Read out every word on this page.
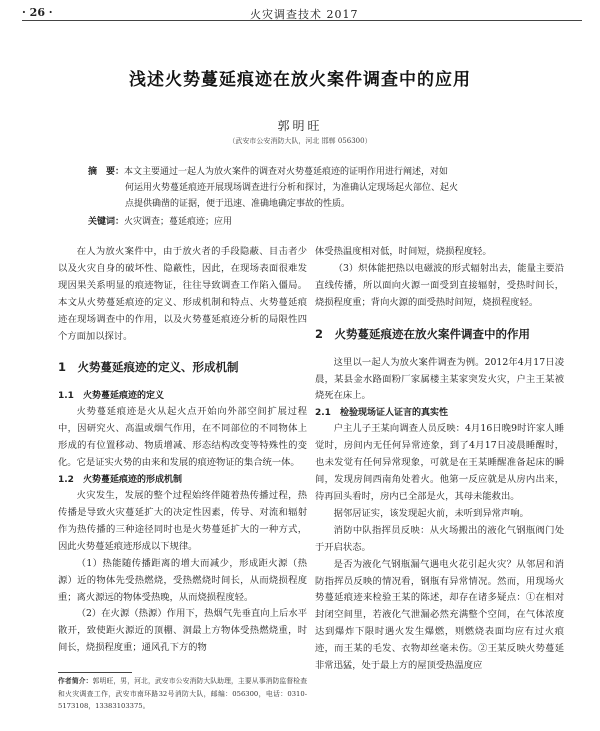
· 26 ·	火灾调查技术 2017
浅述火势蔓延痕迹在放火案件调查中的应用
郭明旺
（武安市公安消防大队，河北 邯郸 056300）
摘　要：本文主要通过一起人为放火案件的调查对火势蔓延痕迹的证明作用进行阐述，对如
何运用火势蔓延痕迹开展现场调查进行分析和探讨，为准确认定现场起火部位、起火
点提供确凿的证据，便于迅速、准确地确定事故的性质。
关键词：火灾调查；蔓延痕迹；应用

在人为放火案件中，由于放火者的手段隐蔽、目击者少以及火灾自身的破坏性、隐蔽性，因此，在现场表面很难发现因果关系明显的痕迹物证，往往导致调查工作陷入僵局。本文从火势蔓延痕迹的定义、形成机制和特点、火势蔓延痕迹在现场调查中的作用，以及火势蔓延痕迹分析的局限性四个方面加以探讨。

1　火势蔓延痕迹的定义、形成机制
1.1　火势蔓延痕迹的定义

火势蔓延痕迹是火从起火点开始向外部空间扩展过程中，因研究火、高温或烟气作用，在不同部位的不同物体上形成的有位置移动、物质增减、形态结构改变等特殊性的变化。它是证实火势的由来和发展的痕迹物证的集合统一体。

1.2　火势蔓延痕迹的形成机制

火灾发生，发展的整个过程始终伴随着热传播过程，热传播是导致火灾蔓延扩大的决定性因素，传导、对流和辐射作为热传播的三种途径同时也是火势蔓延扩大的一种方式，因此火势蔓延痕迹形成以下规律。

（1）热能随传播距离的增大而减少，形成距火源（热源）近的物体先受热燃烧，受热燃烧时间长，从而烧损程度重；离火源远的物体受热晚，从而烧损程度轻。

（2）在火源（热源）作用下，热烟气先垂直向上后水平散开，致使距火源近的顶棚、洞最上方物体受热燃烧重，时间长，烧损程度重；通风孔下方的物

体受热温度相对低，时间短，烧损程度轻。

（3）炽体能把热以电磁波的形式辐射出去，能量主要沿直线传播，所以面向火源一面受到直接辐射，受热时间长，烧损程度重；背向火源的面受热时间短，烧损程度轻。

2　火势蔓延痕迹在放火案件调查中的作用

这里以一起人为放火案件调查为例。2012年4月17日凌晨，某县金水路面粉厂家属楼主某家突发火灾，户主王某被烧死在床上。

2.1　检验现场证人证言的真实性

户主儿子王某向调查人员反映：4月16日晚9时许家人睡觉时，房间内无任何异常迹象，到了4月17日凌晨睡醒时，也未发觉有任何异常现象，可就是在王某睡醒准备起床的瞬间，发现房间西南角处着火。他第一反应就是从房内出来，待再回头看时，房内已全部是火，其母未能救出。

据邻居证实，该发现起火前，未听到异常声响。

消防中队指挥员反映：从火场搬出的液化气钢瓶阀门处于开启状态。

是否为液化气钢瓶漏气遇电火花引起火灾？从邻居和消防指挥员反映的情况看，钢瓶有异常情况。然而，用现场火势蔓延痕迹来检验王某的陈述，却存在诸多疑点：①在相对封闭空间里，若液化气泄漏必然充满整个空间，在气体浓度达到爆炸下限时遇火发生爆燃，则燃烧表面均应有过火痕迹，而王某的毛发、衣物却丝毫未伤。②王某反映火势蔓延非常迅猛，处于最上方的屋顶受热温度应

作者简介：郭明旺，男，河北，武安市公安消防大队助理，主要从事消防监督检查和火灾调查工作，武安市南环路32号消防大队，邮编：056300，电话：0310-5173108，13383103375。
